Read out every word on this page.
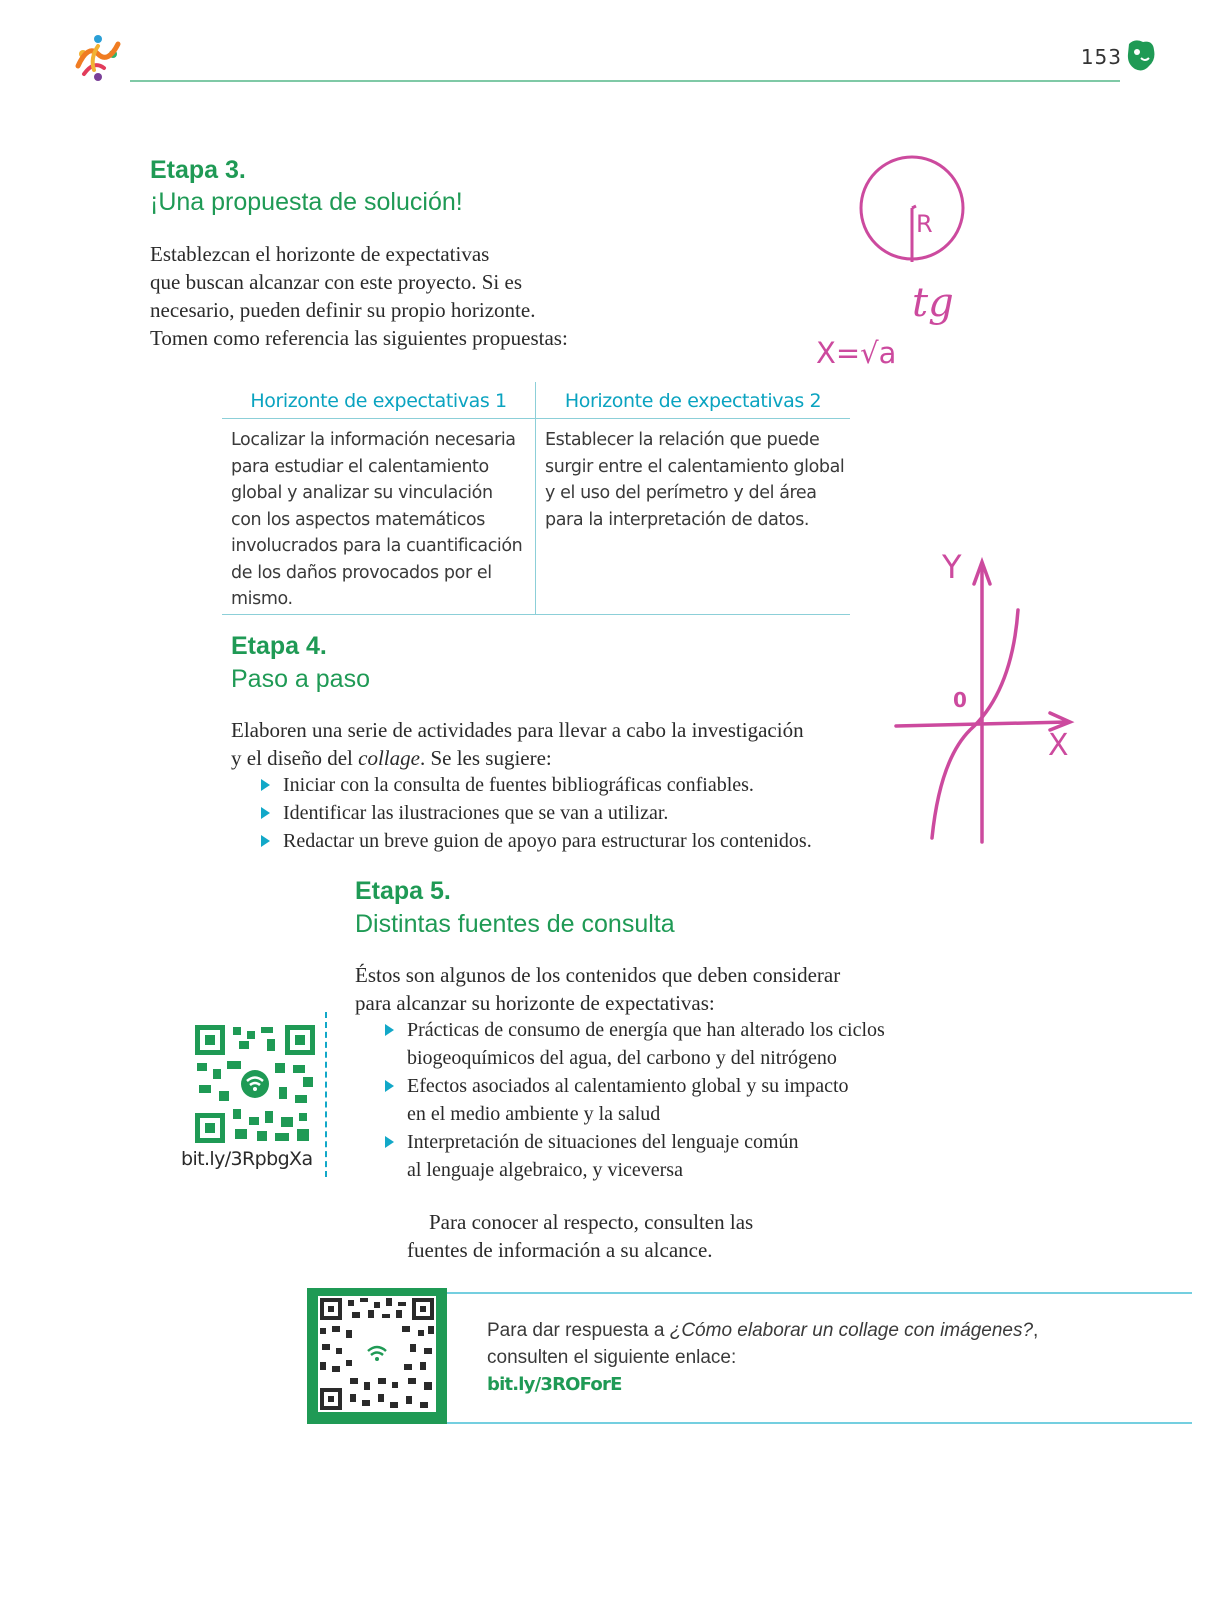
153
Etapa 3.
¡Una propuesta de solución!
Establezcan el horizonte de expectativas
que buscan alcanzar con este proyecto. Si es
necesario, pueden definir su propio horizonte.
Tomen como referencia las siguientes propuestas:
R
tg
X=√a
Horizonte de expectativas 1	Horizonte de expectativas 2
Localizar la información necesaria
para estudiar el calentamiento
global y analizar su vinculación
con los aspectos matemáticos
involucrados para la cuantificación
de los daños provocados por el
mismo.
Establecer la relación que puede
surgir entre el calentamiento global
y el uso del perímetro y del área
para la interpretación de datos.
Y
X
0
Etapa 4.
Paso a paso
Elaboren una serie de actividades para llevar a cabo la investigación
y el diseño del collage. Se les sugiere:
Iniciar con la consulta de fuentes bibliográficas confiables.
Identificar las ilustraciones que se van a utilizar.
Redactar un breve guion de apoyo para estructurar los contenidos.
Etapa 5.
Distintas fuentes de consulta
Éstos son algunos de los contenidos que deben considerar
para alcanzar su horizonte de expectativas:
Prácticas de consumo de energía que han alterado los ciclos
biogeoquímicos del agua, del carbono y del nitrógeno
Efectos asociados al calentamiento global y su impacto
en el medio ambiente y la salud
Interpretación de situaciones del lenguaje común
al lenguaje algebraico, y viceversa
Para conocer al respecto, consulten las
fuentes de información a su alcance.
bit.ly/3RpbgXa
Para dar respuesta a ¿Cómo elaborar un collage con imágenes?,
consulten el siguiente enlace:
bit.ly/3ROForE
